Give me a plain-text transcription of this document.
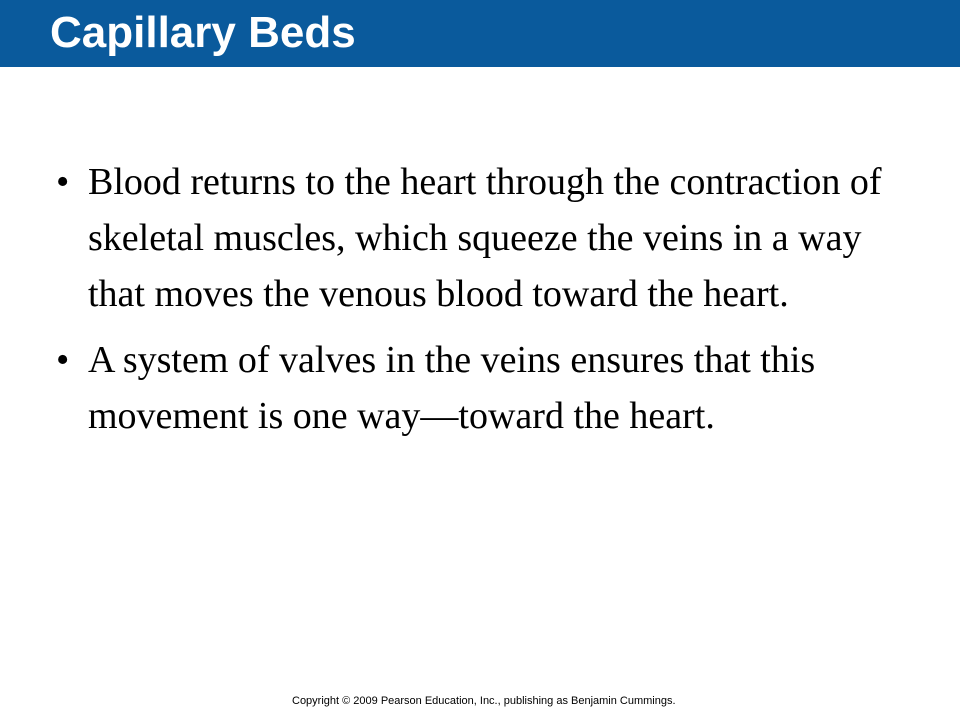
Capillary Beds
• Blood returns to the heart through the contraction of skeletal muscles, which squeeze the veins in a way that moves the venous blood toward the heart.
• A system of valves in the veins ensures that this movement is one way—toward the heart.
Copyright © 2009 Pearson Education, Inc., publishing as Benjamin Cummings.
